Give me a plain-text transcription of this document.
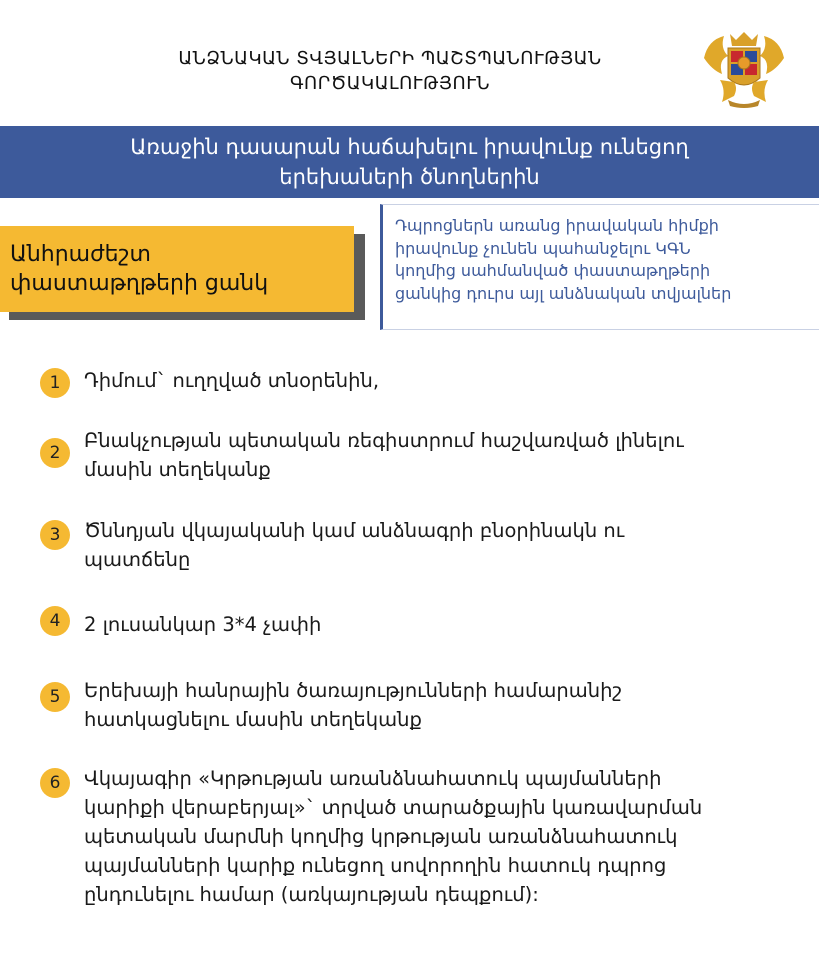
ԱՆՁՆԱԿԱՆ ՏՎՅԱԼՆԵՐԻ ՊԱՇՏՊԱՆՈՒԹՅԱՆ
ԳՈՐԾԱԿԱԼՈՒԹՅՈՒՆ
Առաջին դասարան հաճախելու իրավունք ունեցող
երեխաների ծնողներին
Անհրաժեշտ
փաստաթղթերի ցանկ
Դպրոցներն առանց իրավական հիմքի
իրավունք չունեն պահանջելու ԿԳՆ
կողմից սահմանված փաստաթղթերի
ցանկից դուրս այլ անձնական տվյալներ
1	Դիմում` ուղղված տնօրենին,
2
Բնակչության պետական ռեգիստրում հաշվառված լինելու
մասին տեղեկանք
3	Ծննդյան վկայականի կամ անձնագրի բնօրինակն ու
պատճենը
4	2 լուսանկար 3*4 չափի
5	Երեխայի հանրային ծառայությունների համարանիշ
հատկացնելու մասին տեղեկանք
6	Վկայագիր «Կրթության առանձնահատուկ պայմանների
կարիքի վերաբերյալ»` տրված տարածքային կառավարման
պետական մարմնի կողմից կրթության առանձնահատուկ
պայմանների կարիք ունեցող սովորողին հատուկ դպրոց
ընդունելու համար (առկայության դեպքում):
